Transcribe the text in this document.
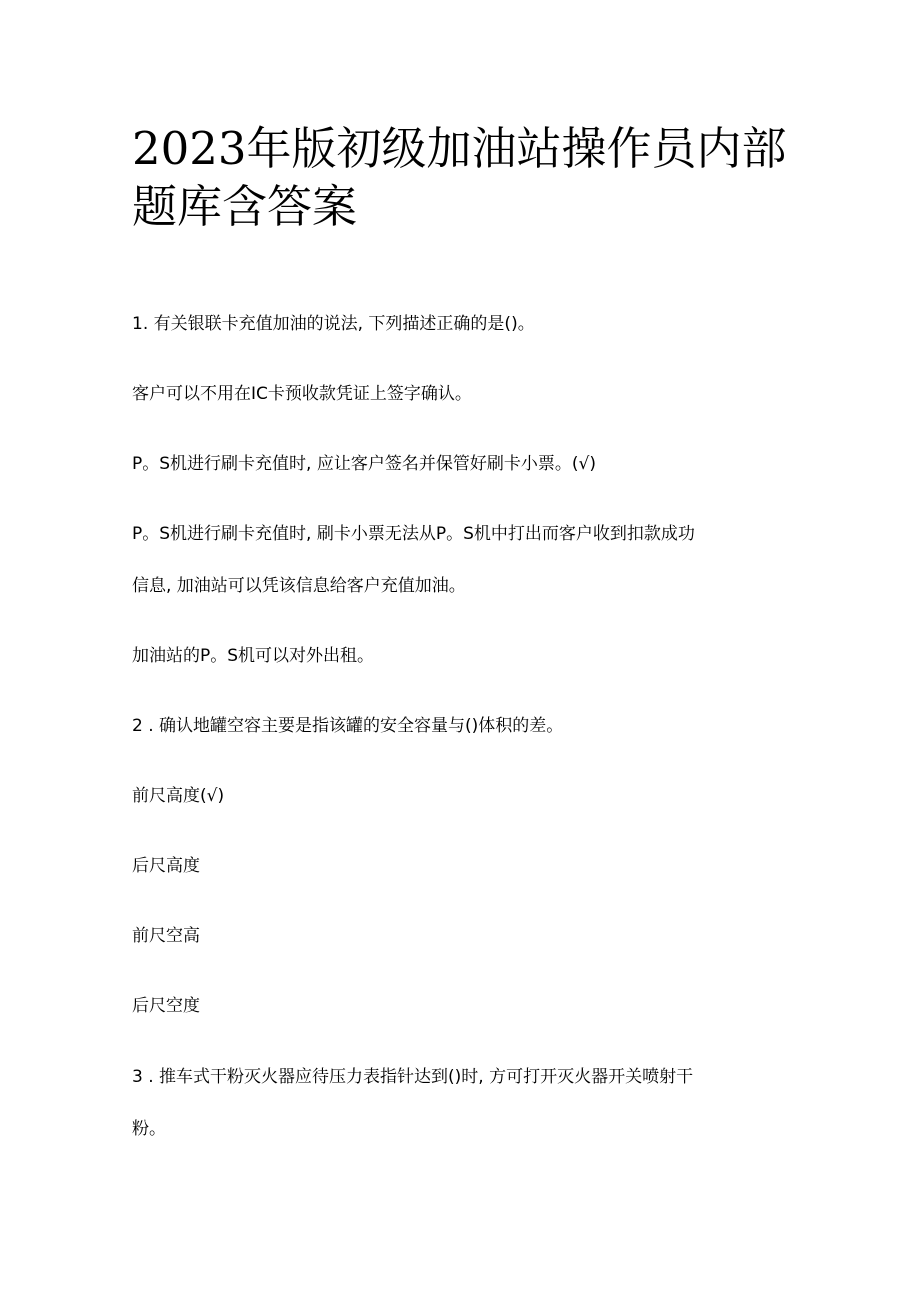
2023年版初级加油站操作员内部题库含答案

1. 有关银联卡充值加油的说法, 下列描述正确的是()。

客户可以不用在IC卡预收款凭证上签字确认。

P。S机进行刷卡充值时, 应让客户签名并保管好刷卡小票。(√)

P。S机进行刷卡充值时, 刷卡小票无法从P。S机中打出而客户收到扣款成功

信息, 加油站可以凭该信息给客户充值加油。

加油站的P。S机可以对外出租。

2 . 确认地罐空容主要是指该罐的安全容量与()体积的差。

前尺高度(√)

后尺高度

前尺空高

后尺空度

3 . 推车式干粉灭火器应待压力表指针达到()时, 方可打开灭火器开关喷射干

粉。
